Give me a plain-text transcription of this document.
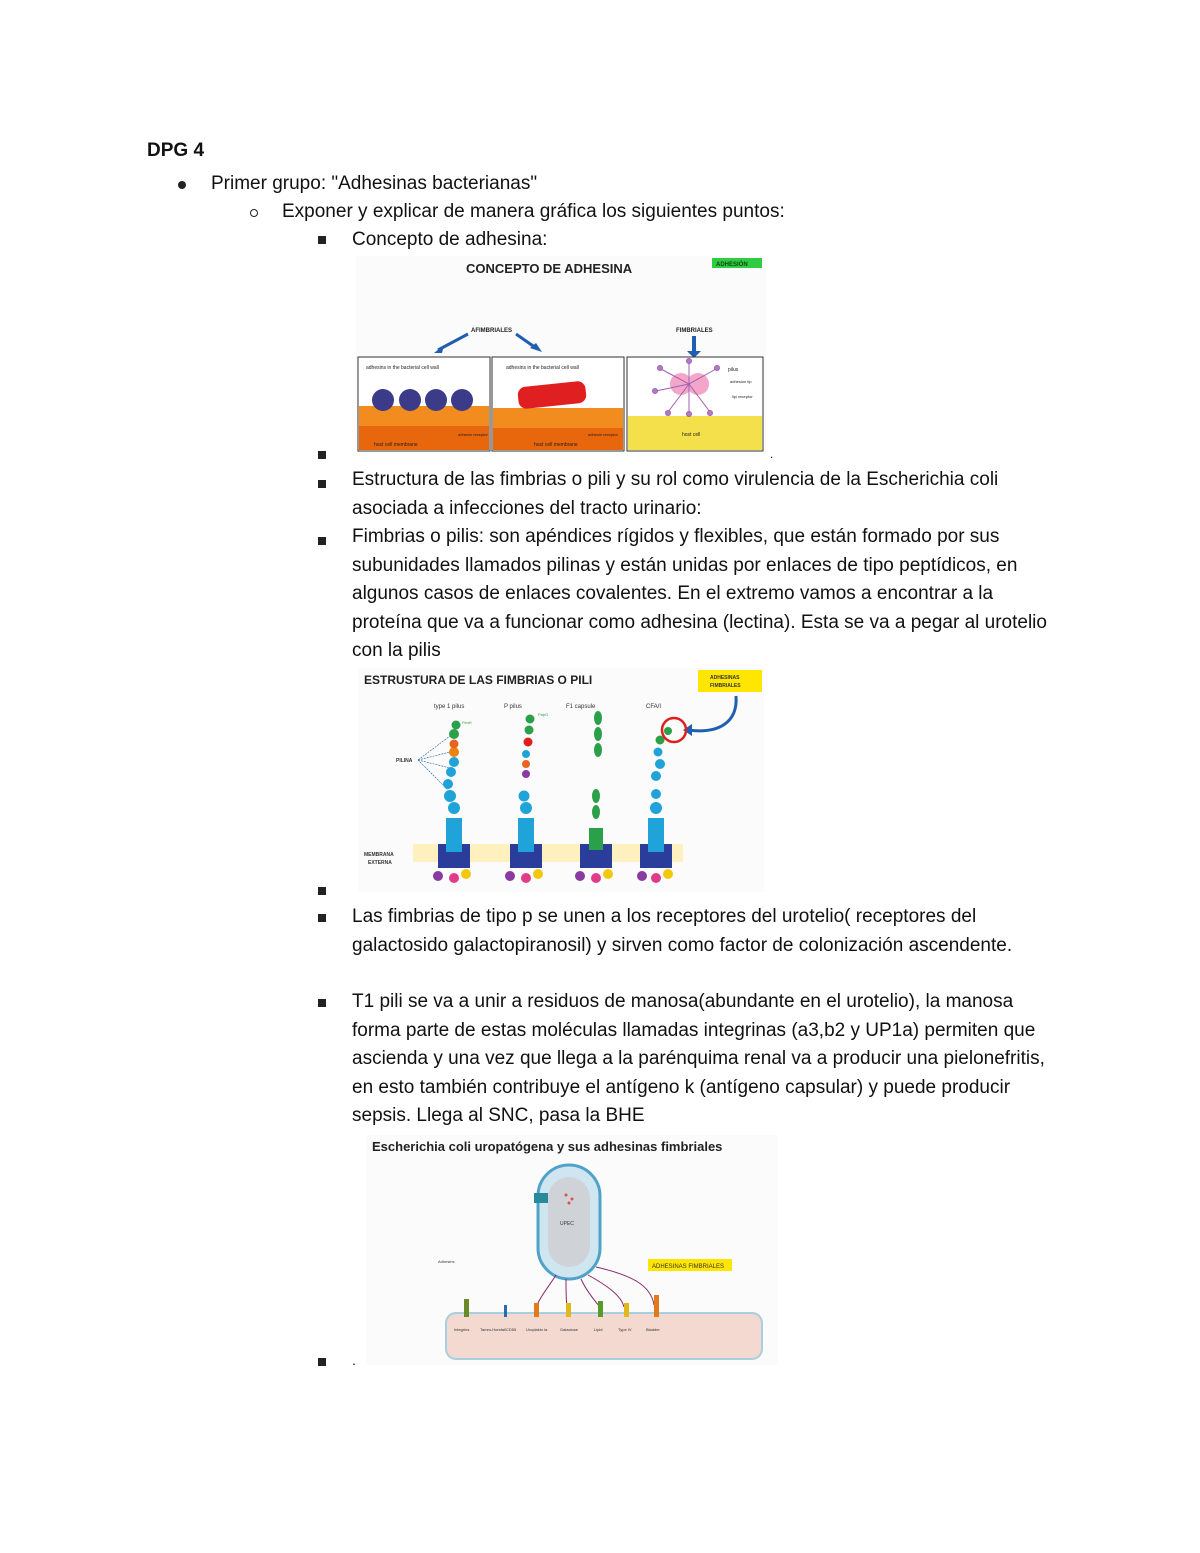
DPG 4
Primer grupo: "Adhesinas bacterianas"
Exponer y explicar de manera gráfica los siguientes puntos:
Concepto de adhesina:
CONCEPTO DE ADHESINA	ADHESIÓN
AFIMBRIALES	FIMBRIALES
adhesins in the bacterial cell wall
host cell membrane
adhesin receptor
adhesins in the bacterial cell wall
host cell membrane
adhesin receptor
pilus
adhesion tip
lipi receptor
host cell
.
Estructura de las fimbrias o pili y su rol como virulencia de la Escherichia coli asociada a infecciones del tracto urinario:
Fimbrias o pilis: son apéndices rígidos y flexibles, que están formado por sus subunidades llamados pilinas y están unidas por enlaces de tipo peptídicos, en algunos casos de enlaces covalentes. En el extremo vamos a encontrar a la proteína que va a funcionar como adhesina (lectina). Esta se va a pegar al urotelio con la pilis
ESTRUSTURA DE LAS FIMBRIAS O PILI	ADHESINAS
FIMBRIALES
type 1 pilus	P pilus	F1 capsule	CFA/I
PILINA
MEMBRANA
EXTERNA
FimH
PapG
Las fimbrias de tipo p se unen a los receptores del urotelio( receptores del galactosido galactopiranosil) y sirven como factor de colonización ascendente.
T1 pili se va a unir a residuos de manosa(abundante en el urotelio), la manosa forma parte de estas moléculas llamadas integrinas (a3,b2 y UP1a) permiten que ascienda y una vez que llega a la parénquima renal va a producir una pielonefritis, en esto también contribuye el antígeno k (antígeno capsular) y puede producir sepsis. Llega al SNC, pasa la BHE
Escherichia coli uropatógena y sus adhesinas fimbriales
UPEC
ADHESINAS FIMBRIALES
Adhesins
Integrins	Tamm-Horsfall CD55 Uroplakin Ia	Galactose	Lipid	Type IV	Bladder
.
